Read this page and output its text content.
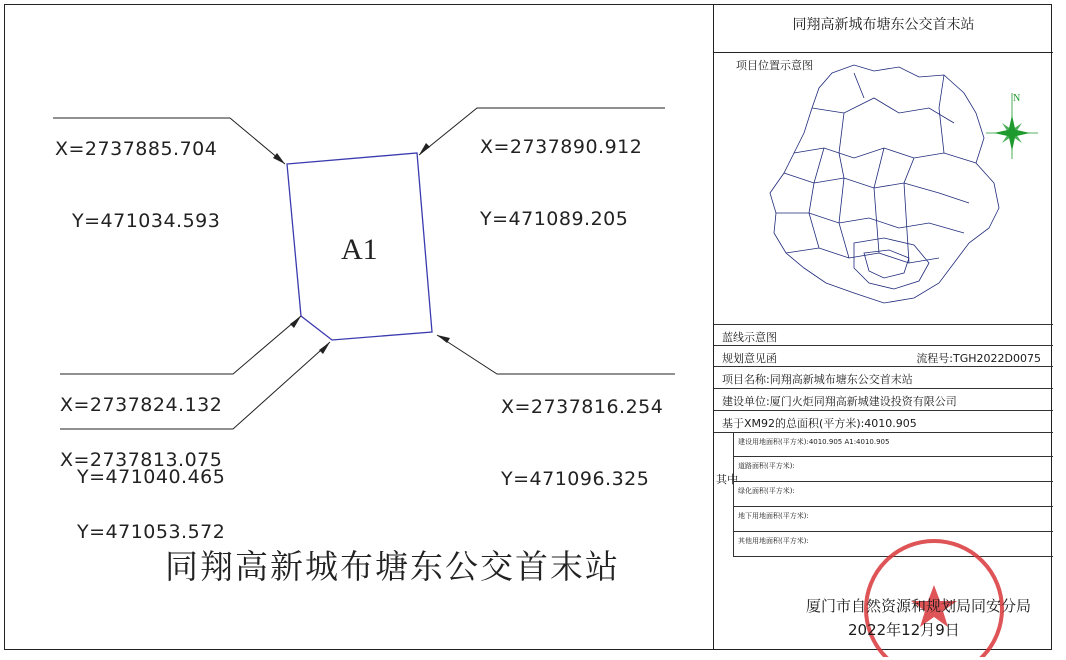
X=2737885.704

Y=471034.593

X=2737890.912

Y=471089.205

X=2737824.132

Y=471040.465

X=2737816.254

Y=471096.325

X=2737813.075

Y=471053.572

A1
同翔高新城布塘东公交首末站
同翔高新城布塘东公交首末站
项目位置示意图
N
蓝线示意图
规划意见函	流程号:TGH2022D0075
项目名称:同翔高新城布塘东公交首末站
建设单位:厦门火炬同翔高新城建设投资有限公司
基于XM92的总面积(平方米):4010.905
其中
建设用地面积(平方米):4010.905 A1:4010.905
道路面积(平方米):
绿化面积(平方米):
地下用地面积(平方米):
其他用地面积(平方米):
厦门市自然资源和规划局同安分局
2022年12月9日
